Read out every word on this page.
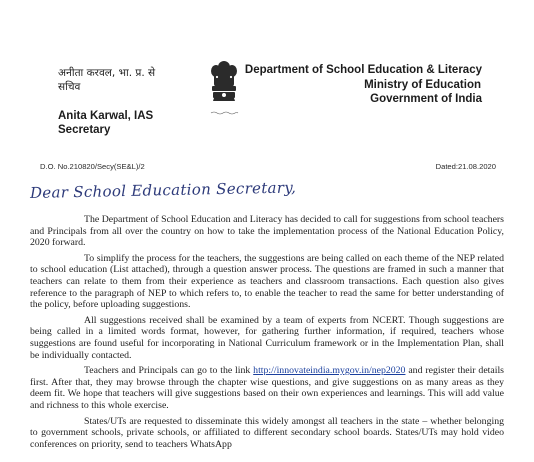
अनीता करवल, भा. प्र. से
सचिव
Anita Karwal, IAS
Secretary
Department of School Education & Literacy
Ministry of Education
Government of India
D.O. No.210820/Secy(SE&L)/2	Dated:21.08.2020
Dear School Education Secretary,

The Department of School Education and Literacy has decided to call for suggestions from school teachers and Principals from all over the country on how to take the implementation process of the National Education Policy, 2020 forward.

To simplify the process for the teachers, the suggestions are being called on each theme of the NEP related to school education (List attached), through a question answer process. The questions are framed in such a manner that teachers can relate to them from their experience as teachers and classroom transactions. Each question also gives reference to the paragraph of NEP to which refers to, to enable the teacher to read the same for better understanding of the policy, before uploading suggestions.

All suggestions received shall be examined by a team of experts from NCERT. Though suggestions are being called in a limited words format, however, for gathering further information, if required, teachers whose suggestions are found useful for incorporating in National Curriculum framework or in the Implementation Plan, shall be individually contacted.

Teachers and Principals can go to the link http://innovateindia.mygov.in/nep2020 and register their details first. After that, they may browse through the chapter wise questions, and give suggestions on as many areas as they deem fit. We hope that teachers will give suggestions based on their own experiences and learnings. This will add value and richness to this whole exercise.

States/UTs are requested to disseminate this widely amongst all teachers in the state – whether belonging to government schools, private schools, or affiliated to different secondary school boards. States/UTs may hold video conferences on priority, send to teachers WhatsApp
